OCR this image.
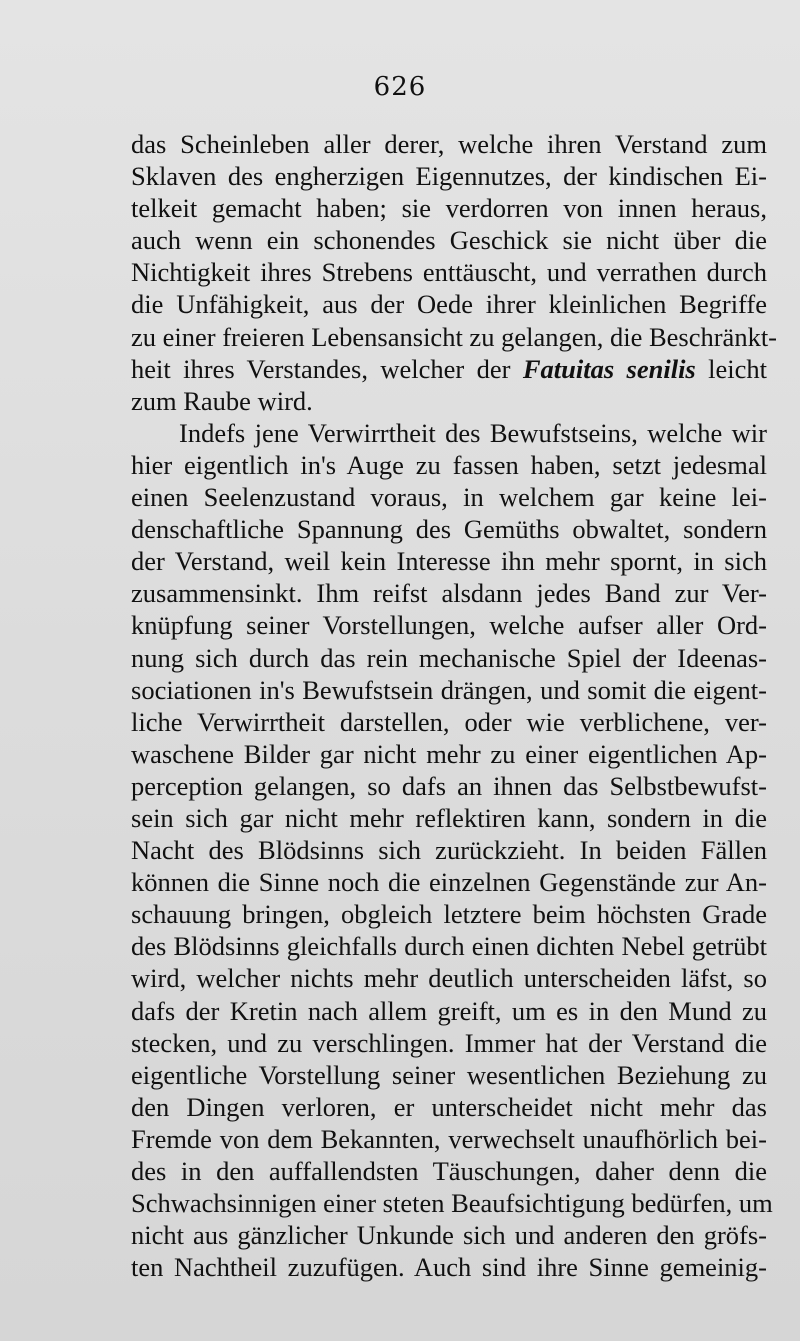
626
das Scheinleben aller derer, welche ihren Verstand zum
Sklaven des engherzigen Eigennutzes, der kindischen Ei-
telkeit gemacht haben; sie verdorren von innen heraus,
auch wenn ein schonendes Geschick sie nicht über die
Nichtigkeit ihres Strebens enttäuscht, und verrathen durch
die Unfähigkeit, aus der Oede ihrer kleinlichen Begriffe
zu einer freieren Lebensansicht zu gelangen, die Beschränkt-
heit ihres Verstandes, welcher der Fatuitas senilis leicht
zum Raube wird.
Indefs jene Verwirrtheit des Bewufstseins, welche wir
hier eigentlich in's Auge zu fassen haben, setzt jedesmal
einen Seelenzustand voraus, in welchem gar keine lei-
denschaftliche Spannung des Gemüths obwaltet, sondern
der Verstand, weil kein Interesse ihn mehr spornt, in sich
zusammensinkt. Ihm reifst alsdann jedes Band zur Ver-
knüpfung seiner Vorstellungen, welche aufser aller Ord-
nung sich durch das rein mechanische Spiel der Ideenas-
sociationen in's Bewufstsein drängen, und somit die eigent-
liche Verwirrtheit darstellen, oder wie verblichene, ver-
waschene Bilder gar nicht mehr zu einer eigentlichen Ap-
perception gelangen, so dafs an ihnen das Selbstbewufst-
sein sich gar nicht mehr reflektiren kann, sondern in die
Nacht des Blödsinns sich zurückzieht. In beiden Fällen
können die Sinne noch die einzelnen Gegenstände zur An-
schauung bringen, obgleich letztere beim höchsten Grade
des Blödsinns gleichfalls durch einen dichten Nebel getrübt
wird, welcher nichts mehr deutlich unterscheiden läfst, so
dafs der Kretin nach allem greift, um es in den Mund zu
stecken, und zu verschlingen. Immer hat der Verstand die
eigentliche Vorstellung seiner wesentlichen Beziehung zu
den Dingen verloren, er unterscheidet nicht mehr das
Fremde von dem Bekannten, verwechselt unaufhörlich bei-
des in den auffallendsten Täuschungen, daher denn die
Schwachsinnigen einer steten Beaufsichtigung bedürfen, um
nicht aus gänzlicher Unkunde sich und anderen den gröfs-
ten Nachtheil zuzufügen. Auch sind ihre Sinne gemeinig-
